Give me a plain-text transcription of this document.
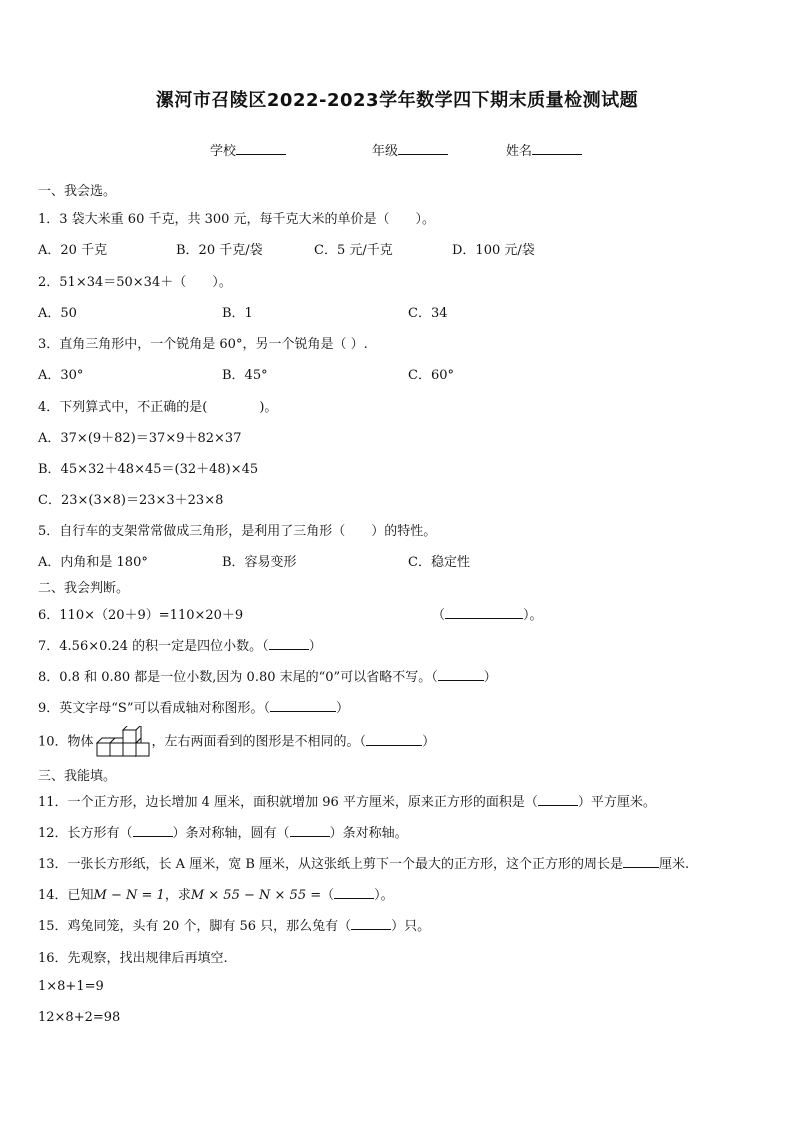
漯河市召陵区2022-2023学年数学四下期末质量检测试题
学校	年级	姓名
一、我会选。
1．3 袋大米重 60 千克，共 300 元，每千克大米的单价是（　　）。
A．20 千克	B．20 千克/袋	C．5 元/千克	D．100 元/袋
2．51×34＝50×34＋（　　）。
A．50	B．1	C．34
3．直角三角形中，一个锐角是 60°，另一个锐角是（ ）.
A．30°	B．45°	C．60°
4．下列算式中，不正确的是(　　　　)。
A．37×(9＋82)＝37×9＋82×37
B．45×32＋48×45＝(32＋48)×45
C．23×(3×8)＝23×3＋23×8
5．自行车的支架常常做成三角形，是利用了三角形（　　）的特性。
A．内角和是 180°	B．容易变形	C．稳定性
二、我会判断。
6．110×（20＋9）=110×20＋9	（	）。
7．4.56×0.24 的积一定是四位小数。（	）
8．0.8 和 0.80 都是一位小数,因为 0.80 末尾的“0”可以省略不写。（	）
9．英文字母“S”可以看成轴对称图形。（	）
10．物体	，左右两面看到的图形是不相同的。（	）
三、我能填。
11．一个正方形，边长增加 4 厘米，面积就增加 96 平方厘米，原来正方形的面积是（	）平方厘米。
12．长方形有（	）条对称轴，圆有（	）条对称轴。
13．一张长方形纸，长 A 厘米，宽 B 厘米，从这张纸上剪下一个最大的正方形，这个正方形的周长是	厘米.
14．已知M − N = 1，求M × 55 − N × 55 =（	）。
15．鸡兔同笼，头有 20 个，脚有 56 只，那么兔有（	）只。
16．先观察，找出规律后再填空.
1×8+1=9
12×8+2=98
